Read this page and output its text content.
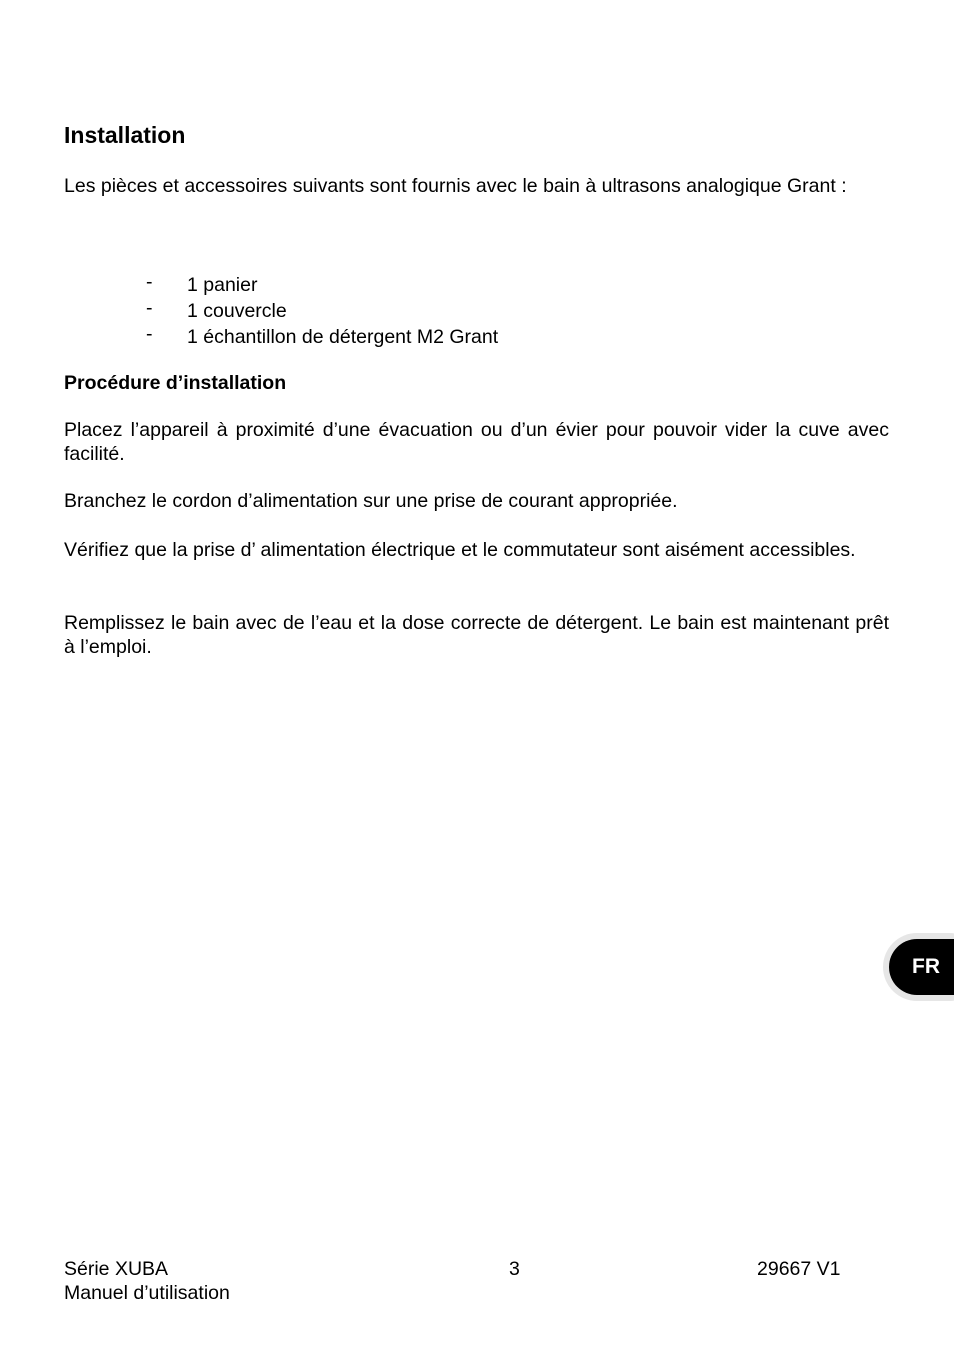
Installation

Les pièces et accessoires suivants sont fournis avec le bain à ultrasons analogique Grant :

-	1 panier
-	1 couvercle
-	1 échantillon de détergent M2 Grant
Procédure d’installation

Placez l’appareil à proximité d’une évacuation ou d’un évier pour pouvoir vider la cuve avec facilité.

Branchez le cordon d’alimentation sur une prise de courant appropriée.

Vérifiez que la prise d’ alimentation électrique et le commutateur sont aisément accessibles.

Remplissez le bain avec de l’eau et la dose correcte de détergent. Le bain est maintenant prêt à l’emploi.

FR
Série XUBA
Manuel d’utilisation
3	29667 V1
